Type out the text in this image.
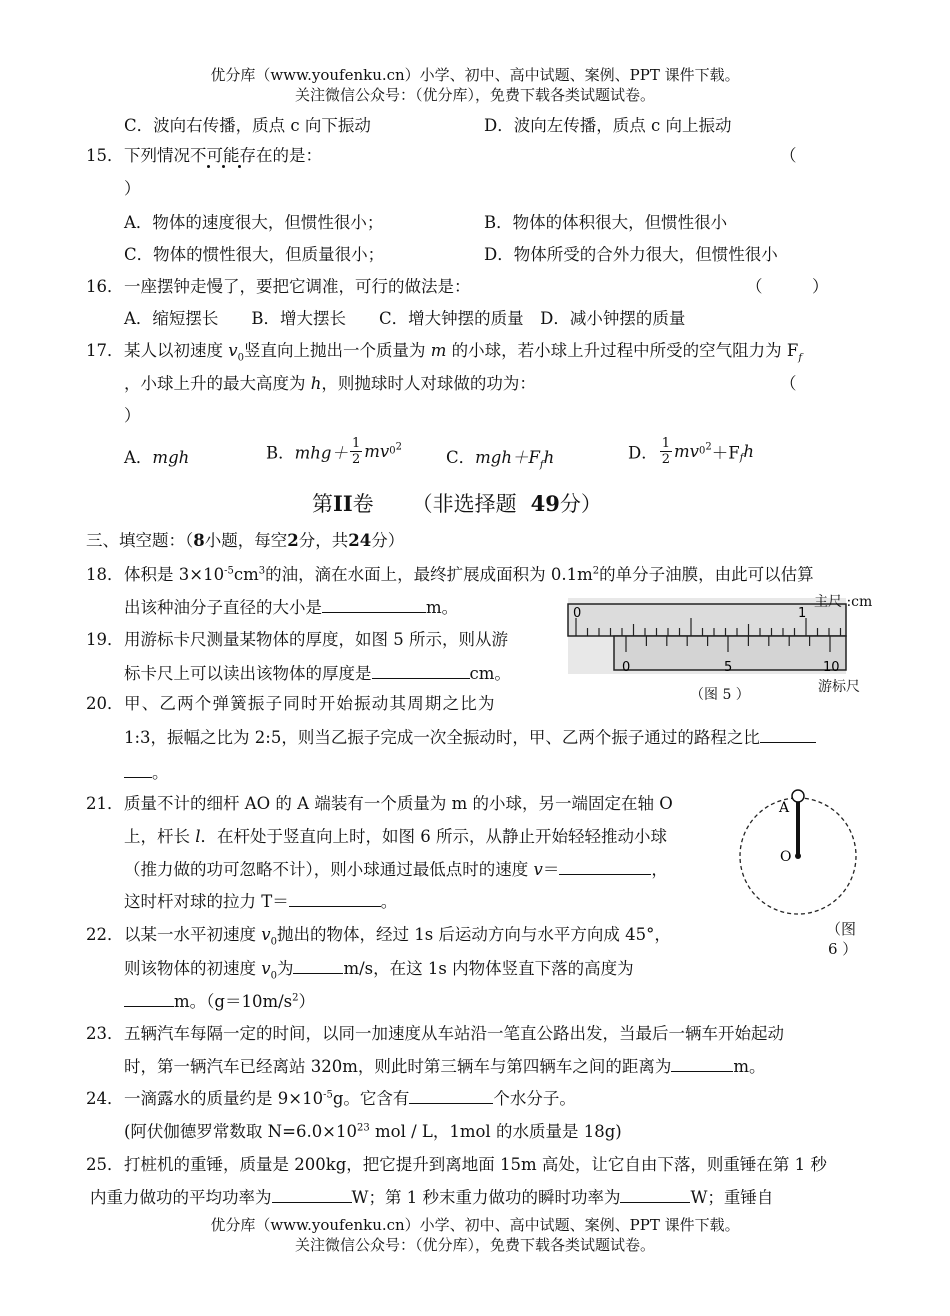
优分库（www.youfenku.cn）小学、初中、高中试题、案例、PPT 课件下载。
关注微信公众号：（优分库），免费下载各类试题试卷。
C．波向右传播，质点 c 向下振动	D．波向左传播，质点 c 向上振动
15． 下列情况不可能存在的是：	（
）
A．物体的速度很大，但惯性很小；	B．物体的体积很大，但惯性很小
C．物体的惯性很大，但质量很小；	D．物体所受的合外力很大，但惯性很小
16． 一座摆钟走慢了，要把它调准，可行的做法是：	（　　　）
A．缩短摆长　　B．增大摆长　　C．增大钟摆的质量　D．减小钟摆的质量
17． 某人以初速度 $v_0$竖直向上抛出一个质量为 m 的小球，若小球上升过程中所受的空气阻力为 $F_f$
，小球上升的最大高度为 h，则抛球时人对球做的功为：	（
）
A．mgh	B．$mhg+ \frac{1}{2} mv0^2$
C．$mgh+F_fh$	D． $\frac{1}{2} mv0^2+F_fh$
第II卷 （非选择题 49分）
三、填空题：（8小题，每空2分，共24分）
18． 体积是 $3\times 10^{-5}cm^3$的油，滴在水面上，最终扩展成面积为 $0.1m^2$的单分子油膜，由此可以估算
出该种油分子直径的大小是	m。
19． 用游标卡尺测量某物体的厚度，如图 5 所示，则从游
标卡尺上可以读出该物体的厚度是	cm。
0	1
0	5	10
主尺 :cm
游标尺
（图 5 ）
20． 甲、乙两个弹簧振子同时开始振动其周期之比为
1:3，振幅之比为 2:5，则当乙振子完成一次全振动时，甲、乙两个振子通过的路程之比
。
21． 质量不计的细杆 AO 的 A 端装有一个质量为 m 的小球，另一端固定在轴 O
上，杆长 l．在杆处于竖直向上时，如图 6 所示，从静止开始轻轻推动小球
（推力做的功可忽略不计），则小球通过最低点时的速度 v＝	，
这时杆对球的拉力 T＝	。
A
O
（图
6 ）
22． 以某一水平初速度 $v_0$抛出的物体，经过 1s 后运动方向与水平方向成 45°，
则该物体的初速度 $v_0$为	m/s，在这 1s 内物体竖直下落的高度为
m。$(g=10m/s^2)$
23． 五辆汽车每隔一定的时间，以同一加速度从车站沿一笔直公路出发，当最后一辆车开始起动
时，第一辆汽车已经离站 320m，则此时第三辆车与第四辆车之间的距离为	m。
24． 一滴露水的质量约是 $9\times 10^{-5}g$。它含有	个水分子。
(阿伏伽德罗常数取 $N=6.0\times 10^{23}$ mol / L，1mol 的水质量是 18g)
25． 打桩机的重锤，质量是 200kg，把它提升到离地面 15m 高处，让它自由下落，则重锤在第 1 秒
内重力做功的平均功率为	W；第 1 秒末重力做功的瞬时功率为	W；重锤自
优分库（www.youfenku.cn）小学、初中、高中试题、案例、PPT 课件下载。
关注微信公众号：（优分库），免费下载各类试题试卷。
